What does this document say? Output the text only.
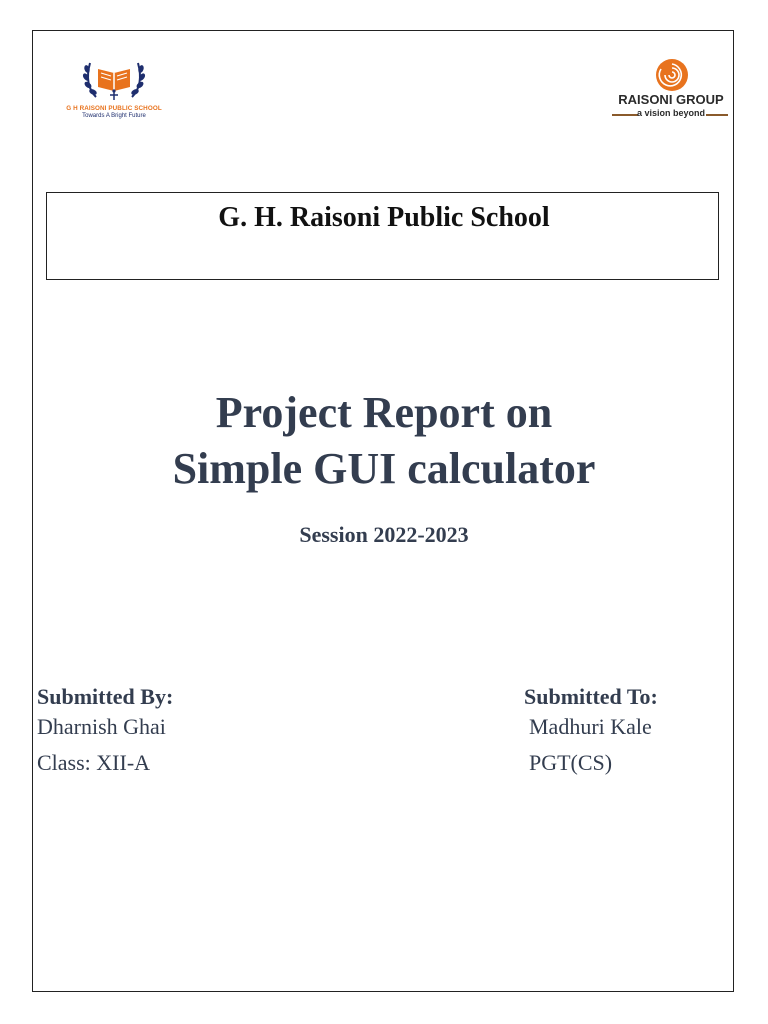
G H RAISONI PUBLIC SCHOOL
Towards A Bright Future
RAISONI GROUP
a vision beyond
G. H. Raisoni Public School
Project Report on
Simple GUI calculator
Session 2022-2023
Submitted By:
Dharnish Ghai
Class: XII-A
Submitted To:
Madhuri Kale
PGT(CS)
